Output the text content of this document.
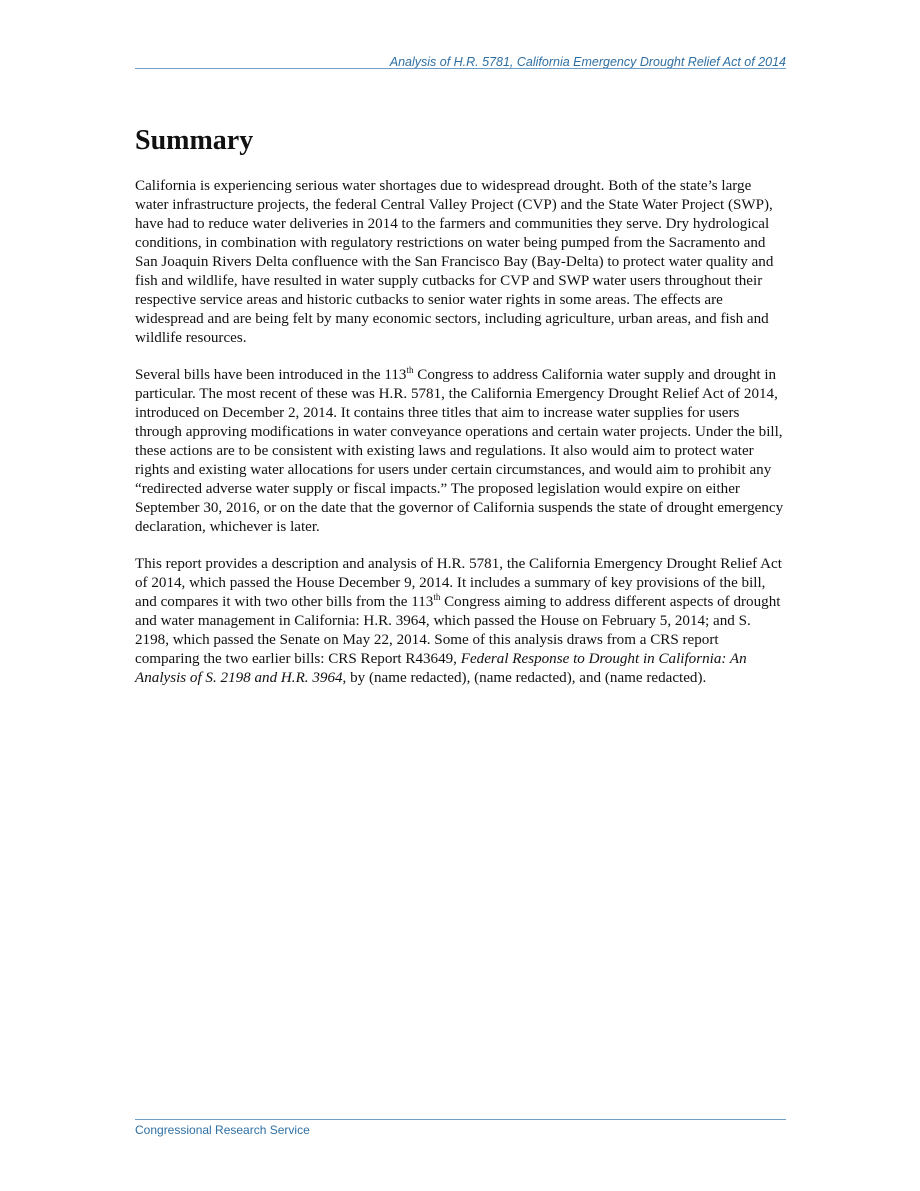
Analysis of H.R. 5781, California Emergency Drought Relief Act of 2014
Summary

California is experiencing serious water shortages due to widespread drought. Both of the state’s large water infrastructure projects, the federal Central Valley Project (CVP) and the State Water Project (SWP), have had to reduce water deliveries in 2014 to the farmers and communities they serve. Dry hydrological conditions, in combination with regulatory restrictions on water being pumped from the Sacramento and San Joaquin Rivers Delta confluence with the San Francisco Bay (Bay-Delta) to protect water quality and fish and wildlife, have resulted in water supply cutbacks for CVP and SWP water users throughout their respective service areas and historic cutbacks to senior water rights in some areas. The effects are widespread and are being felt by many economic sectors, including agriculture, urban areas, and fish and wildlife resources.

Several bills have been introduced in the 113th Congress to address California water supply and drought in particular. The most recent of these was H.R. 5781, the California Emergency Drought Relief Act of 2014, introduced on December 2, 2014. It contains three titles that aim to increase water supplies for users through approving modifications in water conveyance operations and certain water projects. Under the bill, these actions are to be consistent with existing laws and regulations. It also would aim to protect water rights and existing water allocations for users under certain circumstances, and would aim to prohibit any “redirected adverse water supply or fiscal impacts.” The proposed legislation would expire on either September 30, 2016, or on the date that the governor of California suspends the state of drought emergency declaration, whichever is later.

This report provides a description and analysis of H.R. 5781, the California Emergency Drought Relief Act of 2014, which passed the House December 9, 2014. It includes a summary of key provisions of the bill, and compares it with two other bills from the 113th Congress aiming to address different aspects of drought and water management in California: H.R. 3964, which passed the House on February 5, 2014; and S. 2198, which passed the Senate on May 22, 2014. Some of this analysis draws from a CRS report comparing the two earlier bills: CRS Report R43649, Federal Response to Drought in California: An Analysis of S. 2198 and H.R. 3964, by (name redacted), (name redacted), and (name redacted).

Congressional Research Service
